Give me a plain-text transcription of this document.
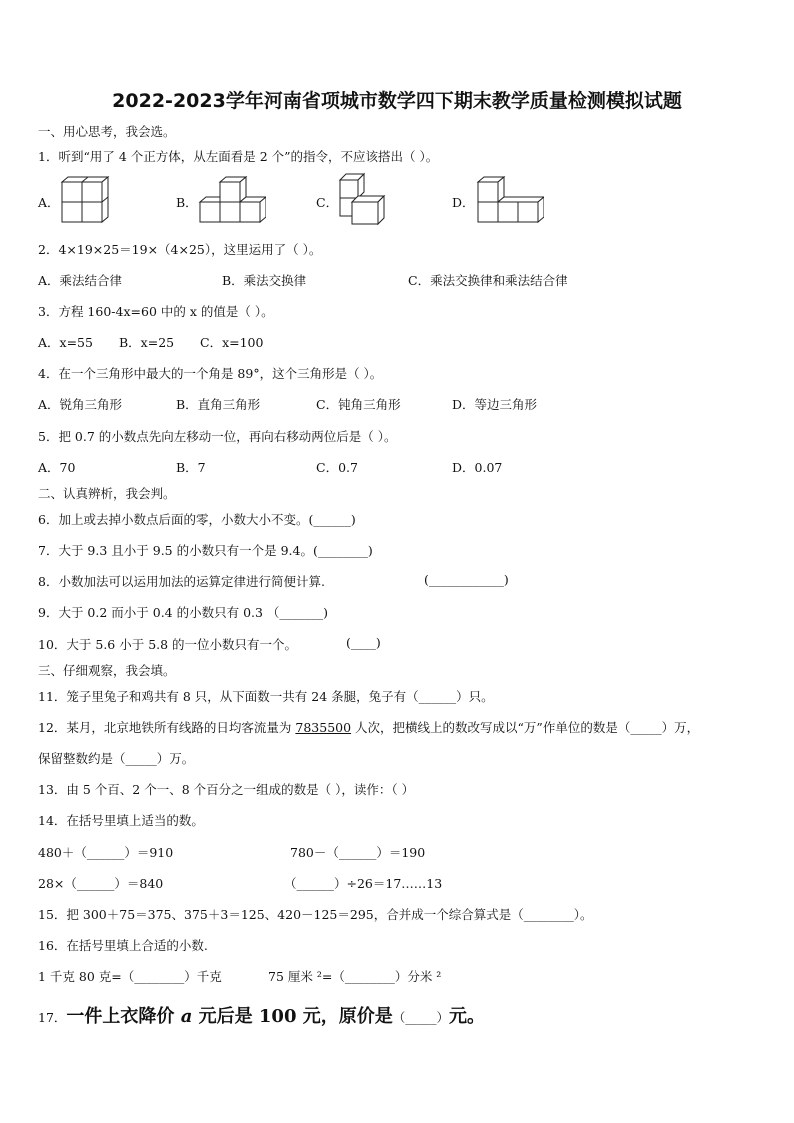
2022-2023学年河南省项城市数学四下期末教学质量检测模拟试题
一、用心思考，我会选。
1．听到“用了 4 个正方体，从左面看是 2 个”的指令，不应该搭出（ ）。
A．	B．	C．	D．
2．4×19×25＝19×（4×25），这里运用了（ ）。
A．乘法结合律	B．乘法交换律	C．乘法交换律和乘法结合律
3．方程 160-4x=60 中的 x 的值是（ ）。
A．x=55 B．x=25 C．x=100
4．在一个三角形中最大的一个角是 89°，这个三角形是（ ）。
A．锐角三角形	B．直角三角形	C．钝角三角形	D．等边三角形
5．把 0.7 的小数点先向左移动一位，再向右移动两位后是（ ）。
A．70	B．7	C．0.7	D．0.07
二、认真辨析，我会判。
6．加上或去掉小数点后面的零，小数大小不变。(______)
7．大于 9.3 且小于 9.5 的小数只有一个是 9.4。(________)
8．小数加法可以运用加法的运算定律进行简便计算.	(____________)
9．大于 0.2 而小于 0.4 的小数只有 0.3 （_______)
10．大于 5.6 小于 5.8 的一位小数只有一个。	(____)
三、仔细观察，我会填。
11．笼子里兔子和鸡共有 8 只，从下面数一共有 24 条腿，兔子有（______）只。
12．某月，北京地铁所有线路的日均客流量为 7835500 人次，把横线上的数改写成以“万”作单位的数是（_____）万，
保留整数约是（_____）万。
13．由 5 个百、2 个一、8 个百分之一组成的数是（ ），读作：（ ）
14．在括号里填上适当的数。
480＋（______）＝910	780－（______）＝190
28×（______）＝840	（______）÷26＝17……13
15．把 300＋75＝375、375＋3＝125、420－125＝295，合并成一个综合算式是（________）。
16．在括号里填上合适的小数.
1 千克 80 克=（________）千克	75 厘米 ²=（________）分米 ²
17．一件上衣降价 a 元后是 100 元，原价是（_____）元。
